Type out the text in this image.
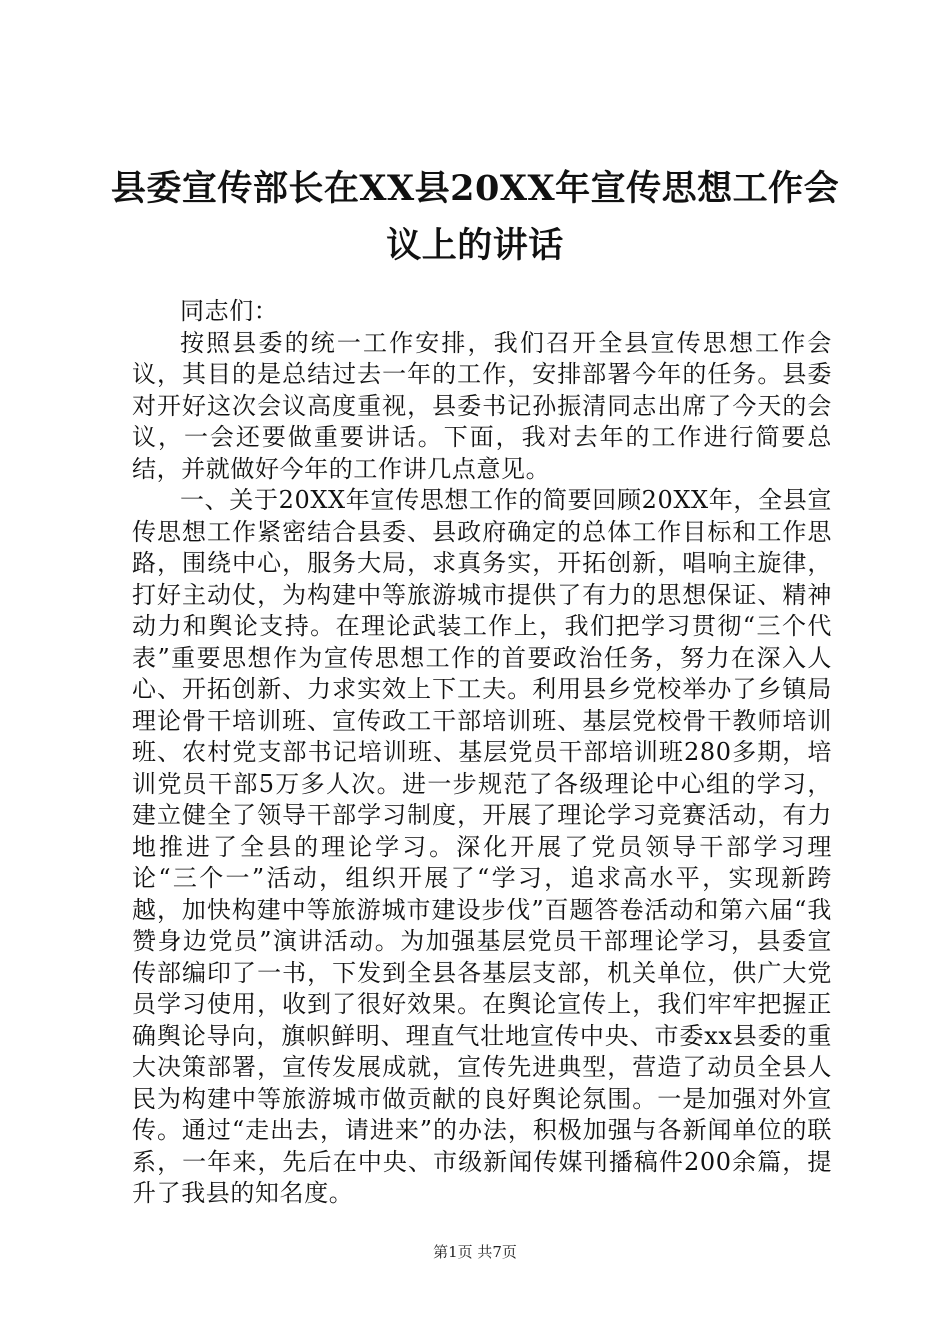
县委宣传部长在XX县20XX年宣传思想工作会议上的讲话

同志们：

按照县委的统一工作安排，我们召开全县宣传思想工作会议，其目的是总结过去一年的工作，安排部署今年的任务。县委对开好这次会议高度重视，县委书记孙振清同志出席了今天的会议，一会还要做重要讲话。下面，我对去年的工作进行简要总结，并就做好今年的工作讲几点意见。

一、关于20XX年宣传思想工作的简要回顾20XX年，全县宣传思想工作紧密结合县委、县政府确定的总体工作目标和工作思路，围绕中心，服务大局，求真务实，开拓创新，唱响主旋律，打好主动仗，为构建中等旅游城市提供了有力的思想保证、精神动力和舆论支持。在理论武装工作上，我们把学习贯彻“三个代表”重要思想作为宣传思想工作的首要政治任务，努力在深入人心、开拓创新、力求实效上下工夫。利用县乡党校举办了乡镇局理论骨干培训班、宣传政工干部培训班、基层党校骨干教师培训班、农村党支部书记培训班、基层党员干部培训班280多期，培训党员干部5万多人次。进一步规范了各级理论中心组的学习，建立健全了领导干部学习制度，开展了理论学习竞赛活动，有力地推进了全县的理论学习。深化开展了党员领导干部学习理论“三个一”活动，组织开展了“学习，追求高水平，实现新跨越，加快构建中等旅游城市建设步伐”百题答卷活动和第六届“我赞身边党员”演讲活动。为加强基层党员干部理论学习，县委宣传部编印了一书，下发到全县各基层支部，机关单位，供广大党员学习使用，收到了很好效果。在舆论宣传上，我们牢牢把握正确舆论导向，旗帜鲜明、理直气壮地宣传中央、市委xx县委的重大决策部署，宣传发展成就，宣传先进典型，营造了动员全县人民为构建中等旅游城市做贡献的良好舆论氛围。一是加强对外宣传。通过“走出去，请进来”的办法，积极加强与各新闻单位的联系，一年来，先后在中央、市级新闻传媒刊播稿件200余篇，提升了我县的知名度。

第1页 共7页
